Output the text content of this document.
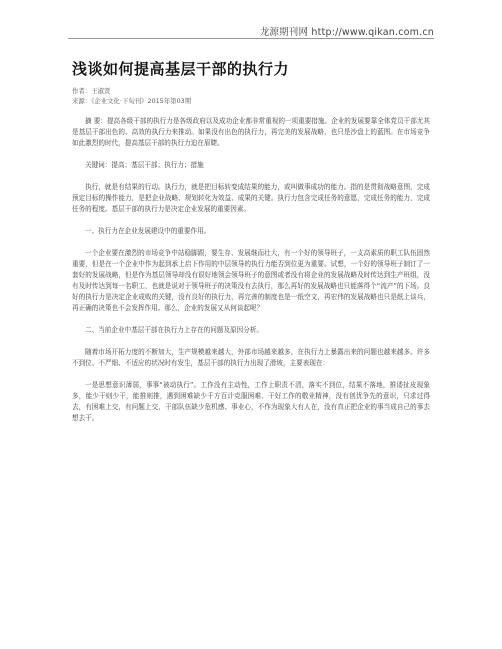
龙源期刊网 http://www.qikan.com.cn
浅谈如何提高基层干部的执行力
作者：王淑贤
来源：《企业文化·下旬刊》2015年第03期

摘 要：提高各级干部的执行力是各级政府以及成功企业都非常重视的一项重要措施。企业的发展要靠全体党员干部尤其是基层干部出色的、高效的执行力来推动。如果没有出色的执行力，再完美的发展战略，也只是沙盘上的蓝图。在市场竞争如此激烈的时代，提高基层干部的执行力迫在眉睫。

关键词：提高；基层干部；执行力；措施

执行，就是有结果的行动。执行力，就是把目标转变成结果的能力，或叫做事成功的能力。指的是贯彻战略意图，完成预定目标的操作能力，是把企业战略、规划转化为效益、成果的关键。执行力包含完成任务的意愿，完成任务的能力，完成任务的程度。基层干部的执行力是决定企业发展的重要因素。

一、执行力在企业发展建设中的重要作用。

一个企业要在激烈的市场竞争中站稳脚跟，要生存、发展继而壮大，有一个好的领导班子，一支高素质的职工队伍固然重要，但是在一个企业中作为起到承上启下作用的中层领导的执行力能否到位更为重要。试想，一个好的领导班子制订了一套好的发展战略，但是作为基层领导却没有很好地领会领导班子的意图或者没有将企业的发展战略及时传达到生产班组，没有及时传达到每一名职工，也就是说对于领导班子的决策没有去执行，那么再好的发展战略也只能落得个“流产”的下场。良好的执行力是决定企业成败的关键，没有良好的执行力，再完善的制度也是一纸空文，再宏伟的发展战略也只是纸上谈兵，再正确的决策也不会发挥作用。那么，企业的发展又从何谈起呢？

二、当前企业中基层干部在执行力上存在的问题及原因分析。

随着市场开拓力度的不断加大，生产规模越来越大，外部市场越来越多，在执行力上暴露出来的问题也越来越多。许多不到位、不严细、不适应的状况时有发生，基层干部的执行力出现了滑坡，主要表现在：

一是思想意识薄弱，事事“被动执行”。工作没有主动性，工作上职责不清，落实不到位，结果不落地，推诿扯皮现象多，能少干则少干，能推则推，遇到困难缺少千方百计克服困难、干好工作的敬业精神，没有创优争先的意识，只求过得去，有困难上交，有问题上交，干部队伍缺少危机感、事业心，不作为现象大有人在，没有真正把企业的事当成自己的事去想去干。
